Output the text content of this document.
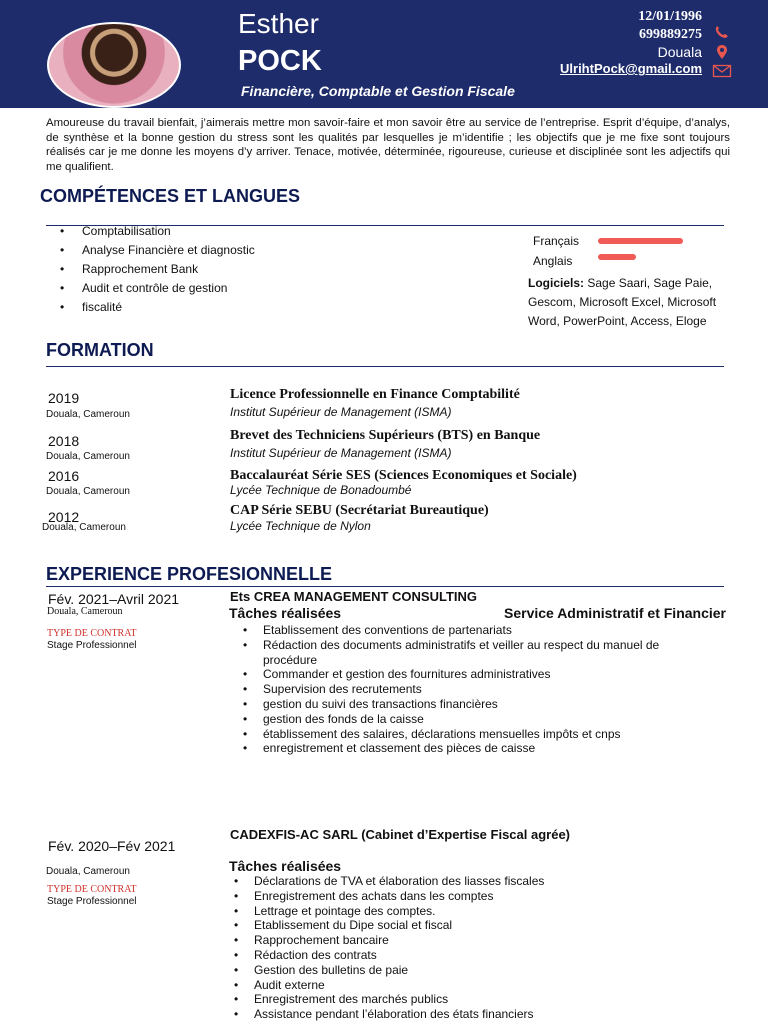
Esther
POCK
Financière, Comptable et Gestion Fiscale
12/01/1996
699889275
Douala
UlrihtPock@gmail.com
Amoureuse du travail bienfait, j’aimerais mettre mon savoir-faire et mon savoir être au service de l’entreprise. Esprit d’équipe, d’analys, de synthèse et la bonne gestion du stress sont les qualités par lesquelles je m’identifie ; les objectifs que je me fixe sont toujours réalisés car je me donne les moyens d’y arriver. Tenace, motivée, déterminée, rigoureuse, curieuse et disciplinée sont les adjectifs qui me qualifient.
COMPÉTENCES ET LANGUES
• Comptabilisation
• Analyse Financière et diagnostic
• Rapprochement Bank
• Audit et contrôle de gestion
• fiscalité
Français
Anglais
Logiciels: Sage Saari, Sage Paie, Gescom, Microsoft Excel, Microsoft Word, PowerPoint, Access, Eloge
FORMATION
2019
Douala, Cameroun
Licence Professionnelle en Finance Comptabilité
Institut Supérieur de Management (ISMA)
2018
Douala, Cameroun
Brevet des Techniciens Supérieurs (BTS) en Banque
Institut Supérieur de Management (ISMA)
2016
Douala, Cameroun
Baccalauréat Série SES (Sciences Economiques et Sociale)
Lycée Technique de Bonadoumbé
2012
Douala, Cameroun
CAP Série SEBU (Secrétariat Bureautique)
Lycée Technique de Nylon
EXPERIENCE PROFESIONNELLE
Fév. 2021–Avril 2021
Douala, Cameroun
TYPE DE CONTRAT
Stage Professionnel
Ets CREA MANAGEMENT CONSULTING
Tâches réalisées	Service Administratif et Financier
• Etablissement des conventions de partenariats
• Rédaction des documents administratifs et veiller au respect du manuel de procédure
• Commander et gestion des fournitures administratives
• Supervision des recrutements
• gestion du suivi des transactions financières
• gestion des fonds de la caisse
• établissement des salaires, déclarations mensuelles impôts et cnps
• enregistrement et classement des pièces de caisse
Fév. 2020–Fév 2021
Douala, Cameroun
TYPE DE CONTRAT
Stage Professionnel
CADEXFIS-AC SARL (Cabinet d’Expertise Fiscal agrée)
Tâches réalisées
• Déclarations de TVA et élaboration des liasses fiscales
• Enregistrement des achats dans les comptes
• Lettrage et pointage des comptes.
• Etablissement du Dipe social et fiscal
• Rapprochement bancaire
• Rédaction des contrats
• Gestion des bulletins de paie
• Audit externe
• Enregistrement des marchés publics
• Assistance pendant l’élaboration des états financiers
